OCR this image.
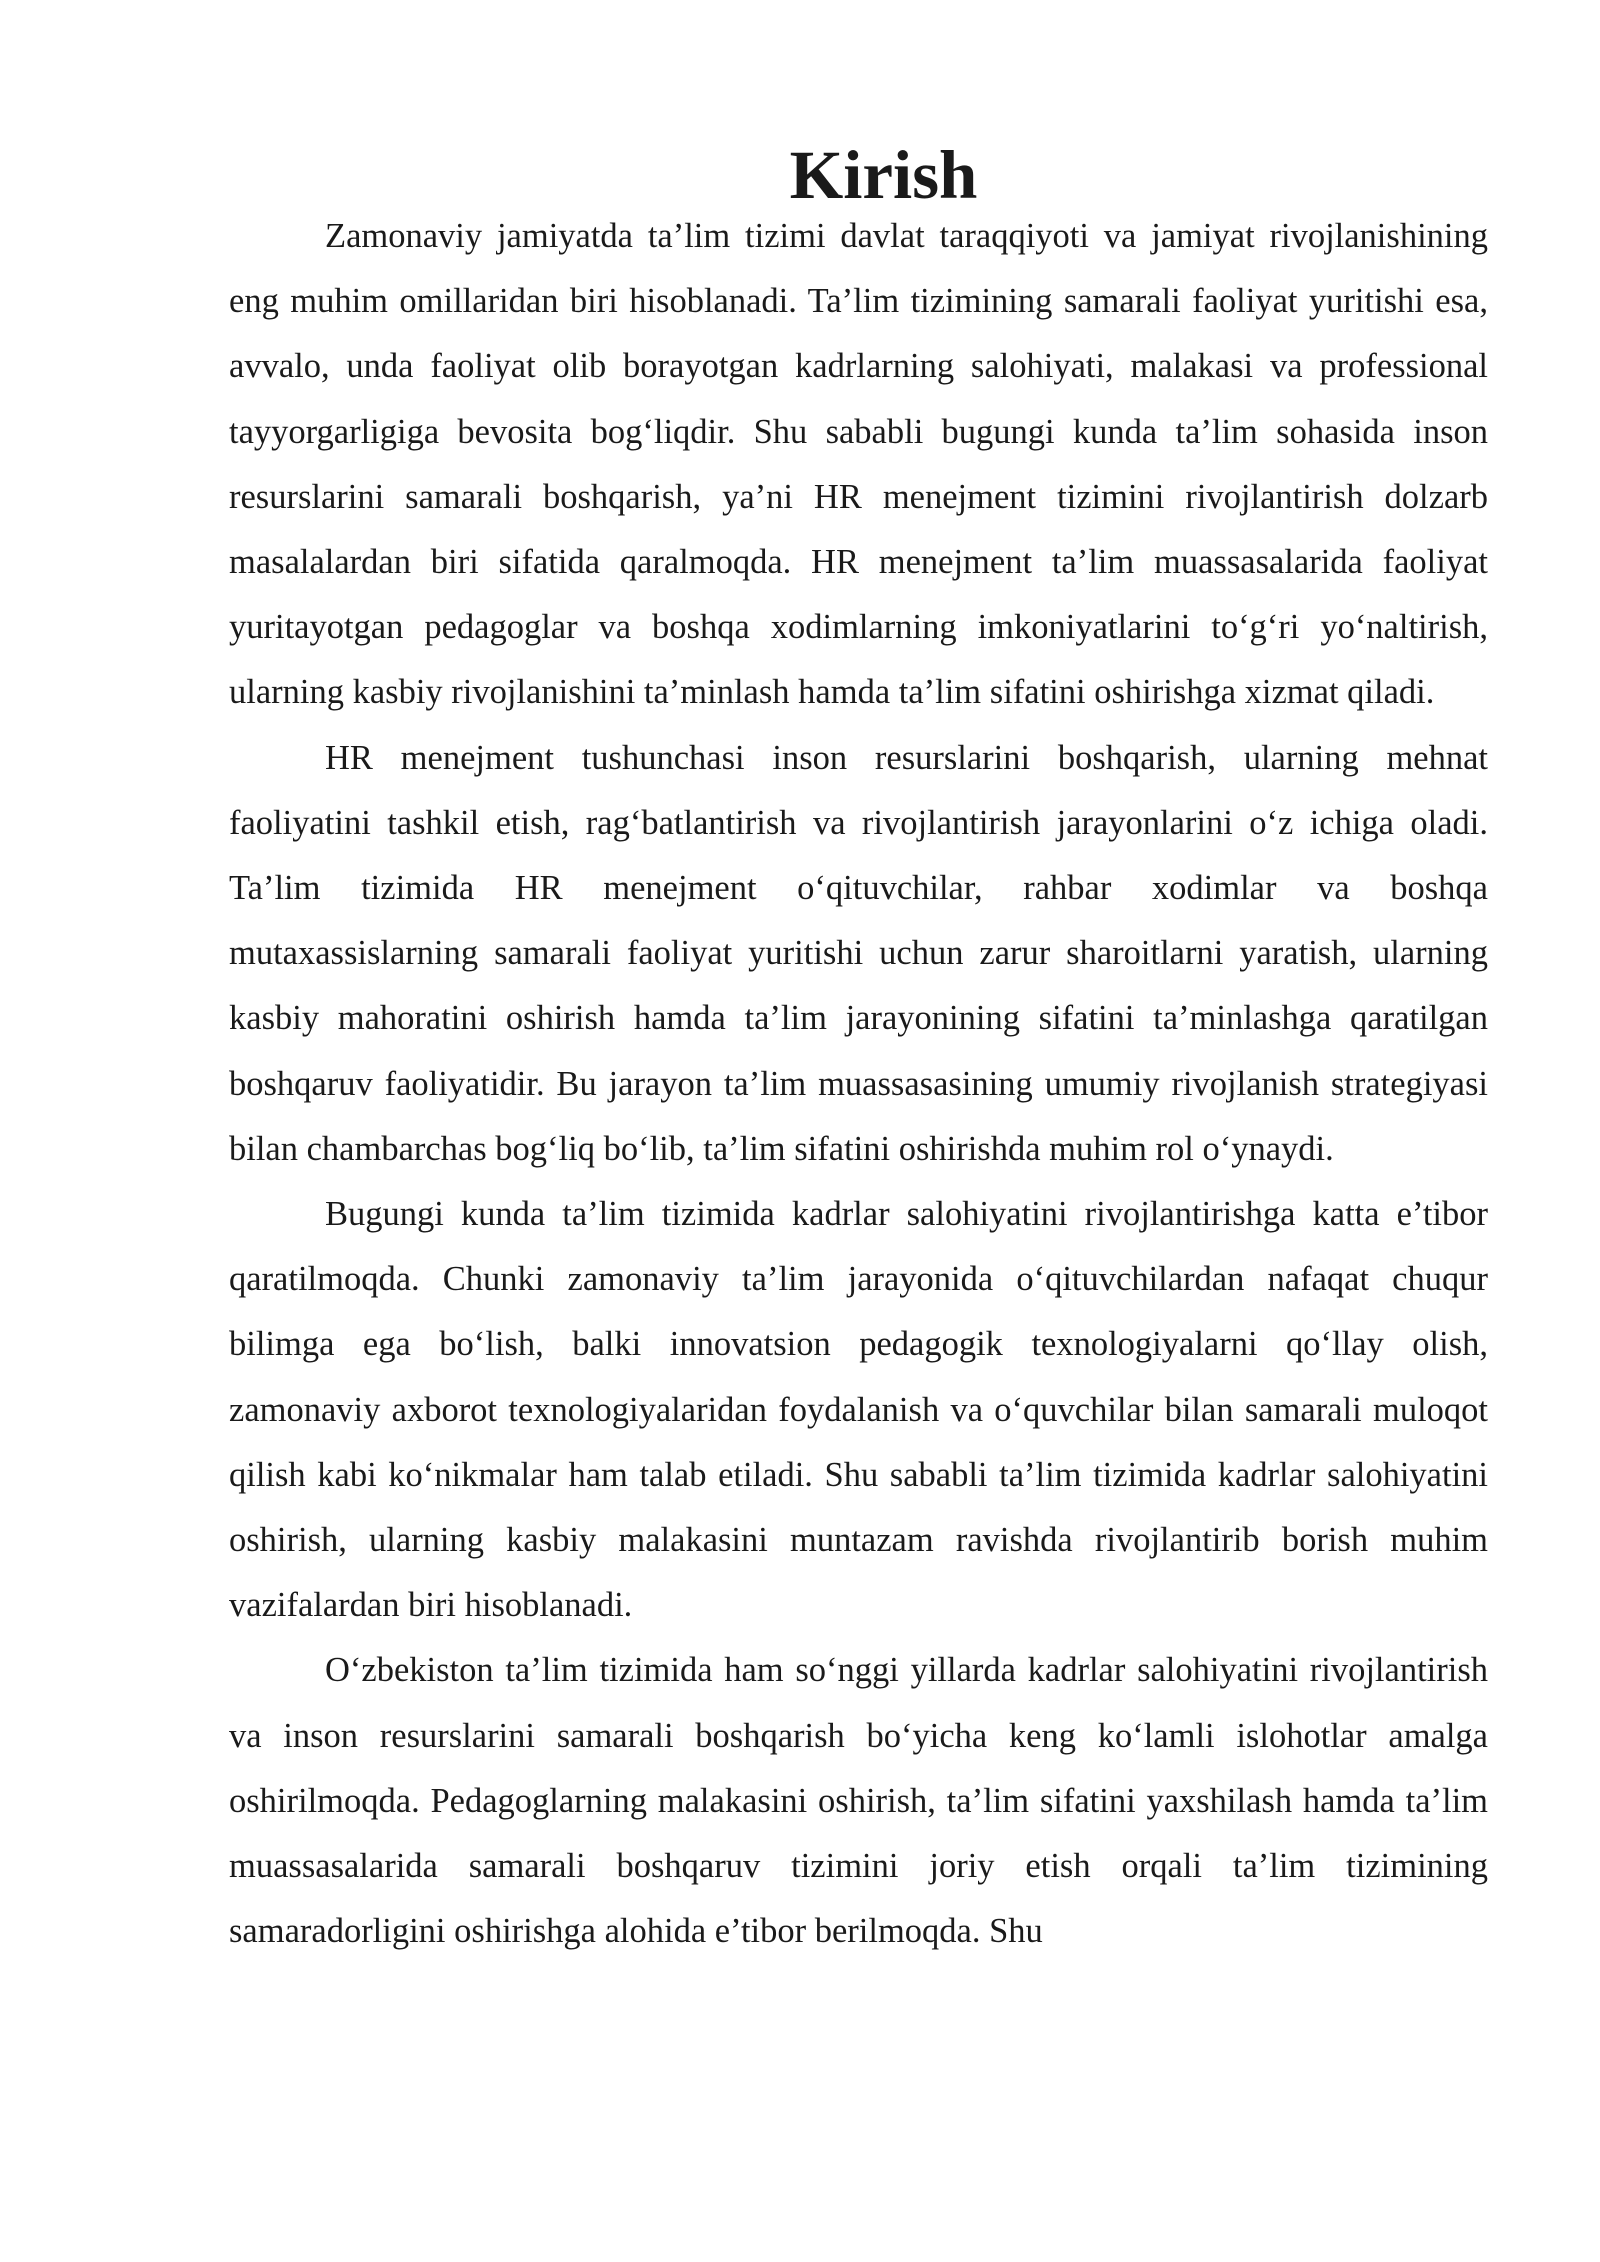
Kirish

Zamonaviy jamiyatda ta’lim tizimi davlat taraqqiyoti va jamiyat rivojlanishining eng muhim omillaridan biri hisoblanadi. Ta’lim tizimining samarali faoliyat yuritishi esa, avvalo, unda faoliyat olib borayotgan kadrlarning salohiyati, malakasi va professional tayyorgarligiga bevosita bog‘liqdir. Shu sababli bugungi kunda ta’lim sohasida inson resurslarini samarali boshqarish, ya’ni HR menejment tizimini rivojlantirish dolzarb masalalardan biri sifatida qaralmoqda. HR menejment ta’lim muassasalarida faoliyat yuritayotgan pedagoglar va boshqa xodimlarning imkoniyatlarini to‘g‘ri yo‘naltirish, ularning kasbiy rivojlanishini ta’minlash hamda ta’lim sifatini oshirishga xizmat qiladi.

HR menejment tushunchasi inson resurslarini boshqarish, ularning mehnat faoliyatini tashkil etish, rag‘batlantirish va rivojlantirish jarayonlarini o‘z ichiga oladi. Ta’lim tizimida HR menejment o‘qituvchilar, rahbar xodimlar va boshqa mutaxassislarning samarali faoliyat yuritishi uchun zarur sharoitlarni yaratish, ularning kasbiy mahoratini oshirish hamda ta’lim jarayonining sifatini ta’minlashga qaratilgan boshqaruv faoliyatidir. Bu jarayon ta’lim muassasasining umumiy rivojlanish strategiyasi bilan chambarchas bog‘liq bo‘lib, ta’lim sifatini oshirishda muhim rol o‘ynaydi.

Bugungi kunda ta’lim tizimida kadrlar salohiyatini rivojlantirishga katta e’tibor qaratilmoqda. Chunki zamonaviy ta’lim jarayonida o‘qituvchilardan nafaqat chuqur bilimga ega bo‘lish, balki innovatsion pedagogik texnologiyalarni qo‘llay olish, zamonaviy axborot texnologiyalaridan foydalanish va o‘quvchilar bilan samarali muloqot qilish kabi ko‘nikmalar ham talab etiladi. Shu sababli ta’lim tizimida kadrlar salohiyatini oshirish, ularning kasbiy malakasini muntazam ravishda rivojlantirib borish muhim vazifalardan biri hisoblanadi.

O‘zbekiston ta’lim tizimida ham so‘nggi yillarda kadrlar salohiyatini rivojlantirish va inson resurslarini samarali boshqarish bo‘yicha keng ko‘lamli islohotlar amalga oshirilmoqda. Pedagoglarning malakasini oshirish, ta’lim sifatini yaxshilash hamda ta’lim muassasalarida samarali boshqaruv tizimini joriy etish orqali ta’lim tizimining samaradorligini oshirishga alohida e’tibor berilmoqda. Shu
